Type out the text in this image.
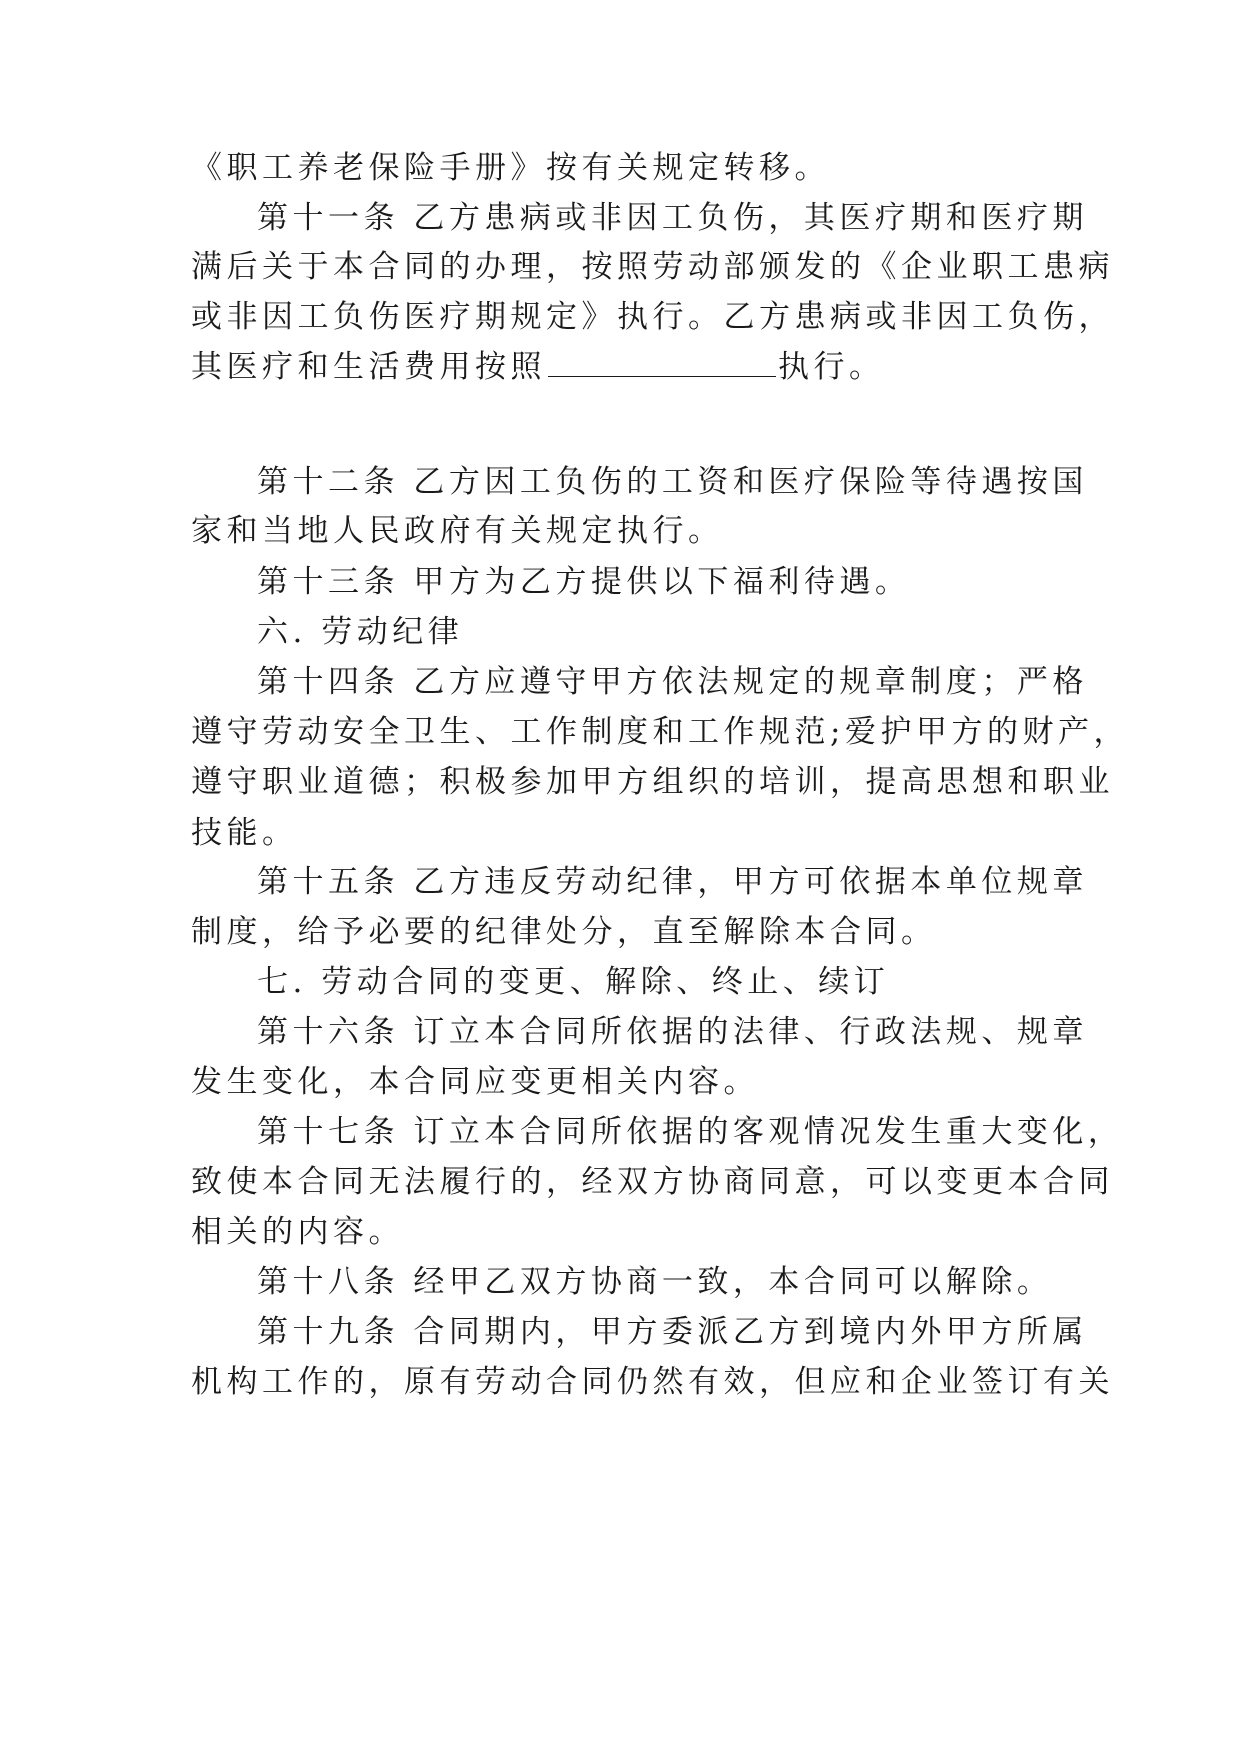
《职工养老保险手册》按有关规定转移。
第十一条 乙方患病或非因工负伤，其医疗期和医疗期
满后关于本合同的办理，按照劳动部颁发的《企业职工患病
或非因工负伤医疗期规定》执行。乙方患病或非因工负伤，
其医疗和生活费用按照	执行。
第十二条 乙方因工负伤的工资和医疗保险等待遇按国
家和当地人民政府有关规定执行。
第十三条 甲方为乙方提供以下福利待遇。
六. 劳动纪律
第十四条 乙方应遵守甲方依法规定的规章制度；严格
遵守劳动安全卫生、工作制度和工作规范;爱护甲方的财产，
遵守职业道德；积极参加甲方组织的培训，提高思想和职业
技能。
第十五条 乙方违反劳动纪律，甲方可依据本单位规章
制度，给予必要的纪律处分，直至解除本合同。
七. 劳动合同的变更、解除、终止、续订
第十六条 订立本合同所依据的法律、行政法规、规章
发生变化，本合同应变更相关内容。
第十七条 订立本合同所依据的客观情况发生重大变化，
致使本合同无法履行的，经双方协商同意，可以变更本合同
相关的内容。
第十八条 经甲乙双方协商一致，本合同可以解除。
第十九条 合同期内，甲方委派乙方到境内外甲方所属
机构工作的，原有劳动合同仍然有效，但应和企业签订有关
